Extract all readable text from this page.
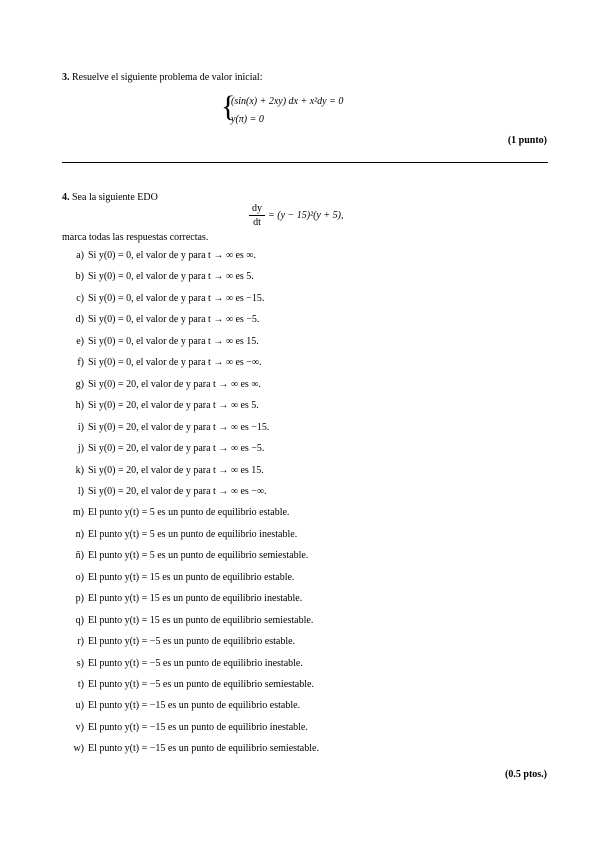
3. Resuelve el siguiente problema de valor inicial:
{
(sin(x) + 2xy) dx + x²dy = 0
y(π) = 0
(1 punto)
4. Sea la siguiente EDO
dy
dt
= (y − 15)²(y + 5),
marca todas las respuestas correctas.
a) Si y(0) = 0, el valor de y para t → ∞ es ∞.
b) Si y(0) = 0, el valor de y para t → ∞ es 5.
c) Si y(0) = 0, el valor de y para t → ∞ es −15.
d) Si y(0) = 0, el valor de y para t → ∞ es −5.
e) Si y(0) = 0, el valor de y para t → ∞ es 15.
f) Si y(0) = 0, el valor de y para t → ∞ es −∞.
g) Si y(0) = 20, el valor de y para t → ∞ es ∞.
h) Si y(0) = 20, el valor de y para t → ∞ es 5.
i) Si y(0) = 20, el valor de y para t → ∞ es −15.
j) Si y(0) = 20, el valor de y para t → ∞ es −5.
k) Si y(0) = 20, el valor de y para t → ∞ es 15.
l) Si y(0) = 20, el valor de y para t → ∞ es −∞.
m) El punto y(t) = 5 es un punto de equilibrio estable.
n) El punto y(t) = 5 es un punto de equilibrio inestable.
ñ) El punto y(t) = 5 es un punto de equilibrio semiestable.
o) El punto y(t) = 15 es un punto de equilibrio estable.
p) El punto y(t) = 15 es un punto de equilibrio inestable.
q) El punto y(t) = 15 es un punto de equilibrio semiestable.
r) El punto y(t) = −5 es un punto de equilibrio estable.
s) El punto y(t) = −5 es un punto de equilibrio inestable.
t) El punto y(t) = −5 es un punto de equilibrio semiestable.
u) El punto y(t) = −15 es un punto de equilibrio estable.
v) El punto y(t) = −15 es un punto de equilibrio inestable.
w) El punto y(t) = −15 es un punto de equilibrio semiestable.
(0.5 ptos.)
